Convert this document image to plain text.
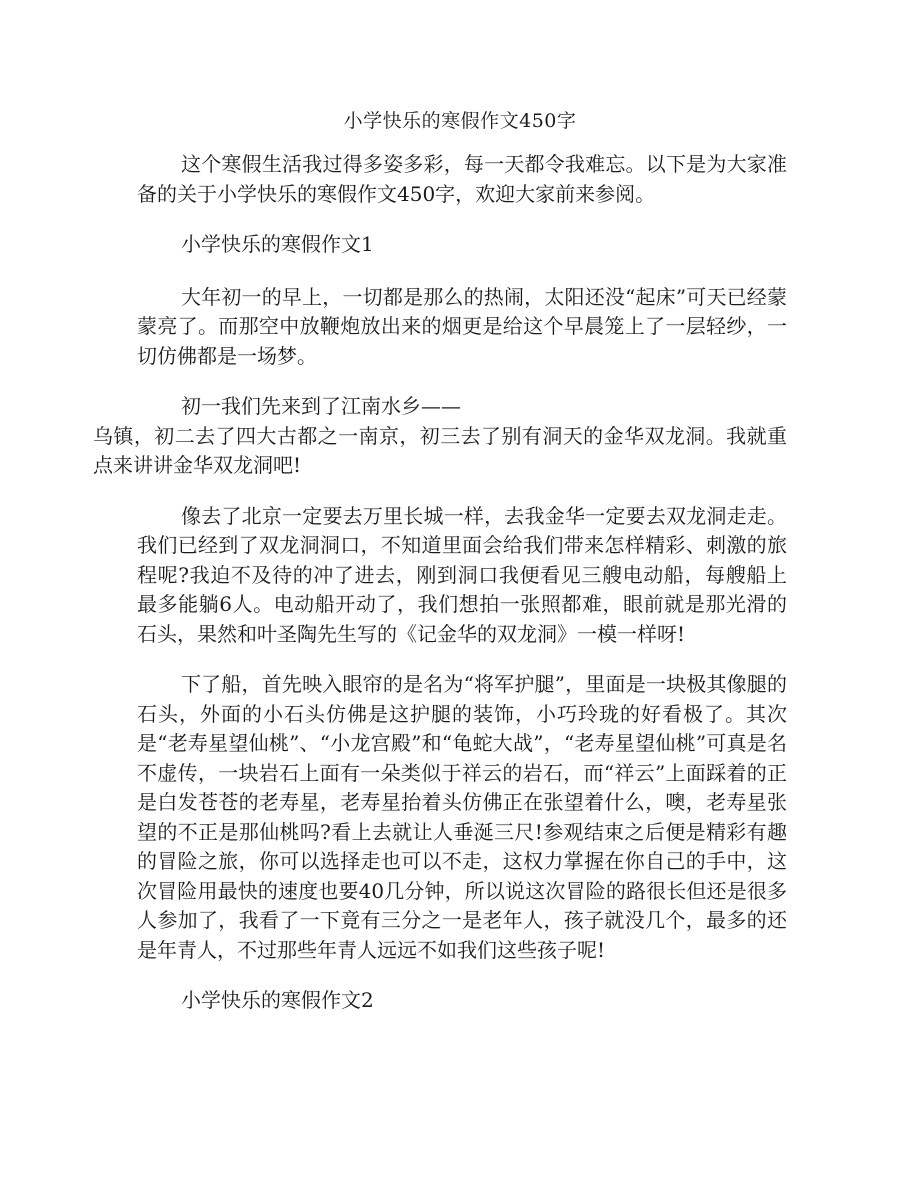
小学快乐的寒假作文450字

这个寒假生活我过得多姿多彩，每一天都令我难忘。以下是为大家准备的关于小学快乐的寒假作文450字，欢迎大家前来参阅。

小学快乐的寒假作文1

大年初一的早上，一切都是那么的热闹，太阳还没“起床”可天已经蒙蒙亮了。而那空中放鞭炮放出来的烟更是给这个早晨笼上了一层轻纱，一切仿佛都是一场梦。

初一我们先来到了江南水乡——
乌镇，初二去了四大古都之一南京，初三去了别有洞天的金华双龙洞。我就重点来讲讲金华双龙洞吧!

像去了北京一定要去万里长城一样，去我金华一定要去双龙洞走走。我们已经到了双龙洞洞口，不知道里面会给我们带来怎样精彩、刺激的旅程呢?我迫不及待的冲了进去，刚到洞口我便看见三艘电动船，每艘船上最多能躺6人。电动船开动了，我们想拍一张照都难，眼前就是那光滑的石头，果然和叶圣陶先生写的《记金华的双龙洞》一模一样呀!

下了船，首先映入眼帘的是名为“将军护腿”，里面是一块极其像腿的石头，外面的小石头仿佛是这护腿的装饰，小巧玲珑的好看极了。其次是“老寿星望仙桃”、“小龙宫殿”和“龟蛇大战”，“老寿星望仙桃”可真是名不虚传，一块岩石上面有一朵类似于祥云的岩石，而“祥云”上面踩着的正是白发苍苍的老寿星，老寿星抬着头仿佛正在张望着什么，噢，老寿星张望的不正是那仙桃吗?看上去就让人垂涎三尺!参观结束之后便是精彩有趣的冒险之旅，你可以选择走也可以不走，这权力掌握在你自己的手中，这次冒险用最快的速度也要40几分钟，所以说这次冒险的路很长但还是很多人参加了，我看了一下竟有三分之一是老年人，孩子就没几个，最多的还是年青人，不过那些年青人远远不如我们这些孩子呢!

小学快乐的寒假作文2
